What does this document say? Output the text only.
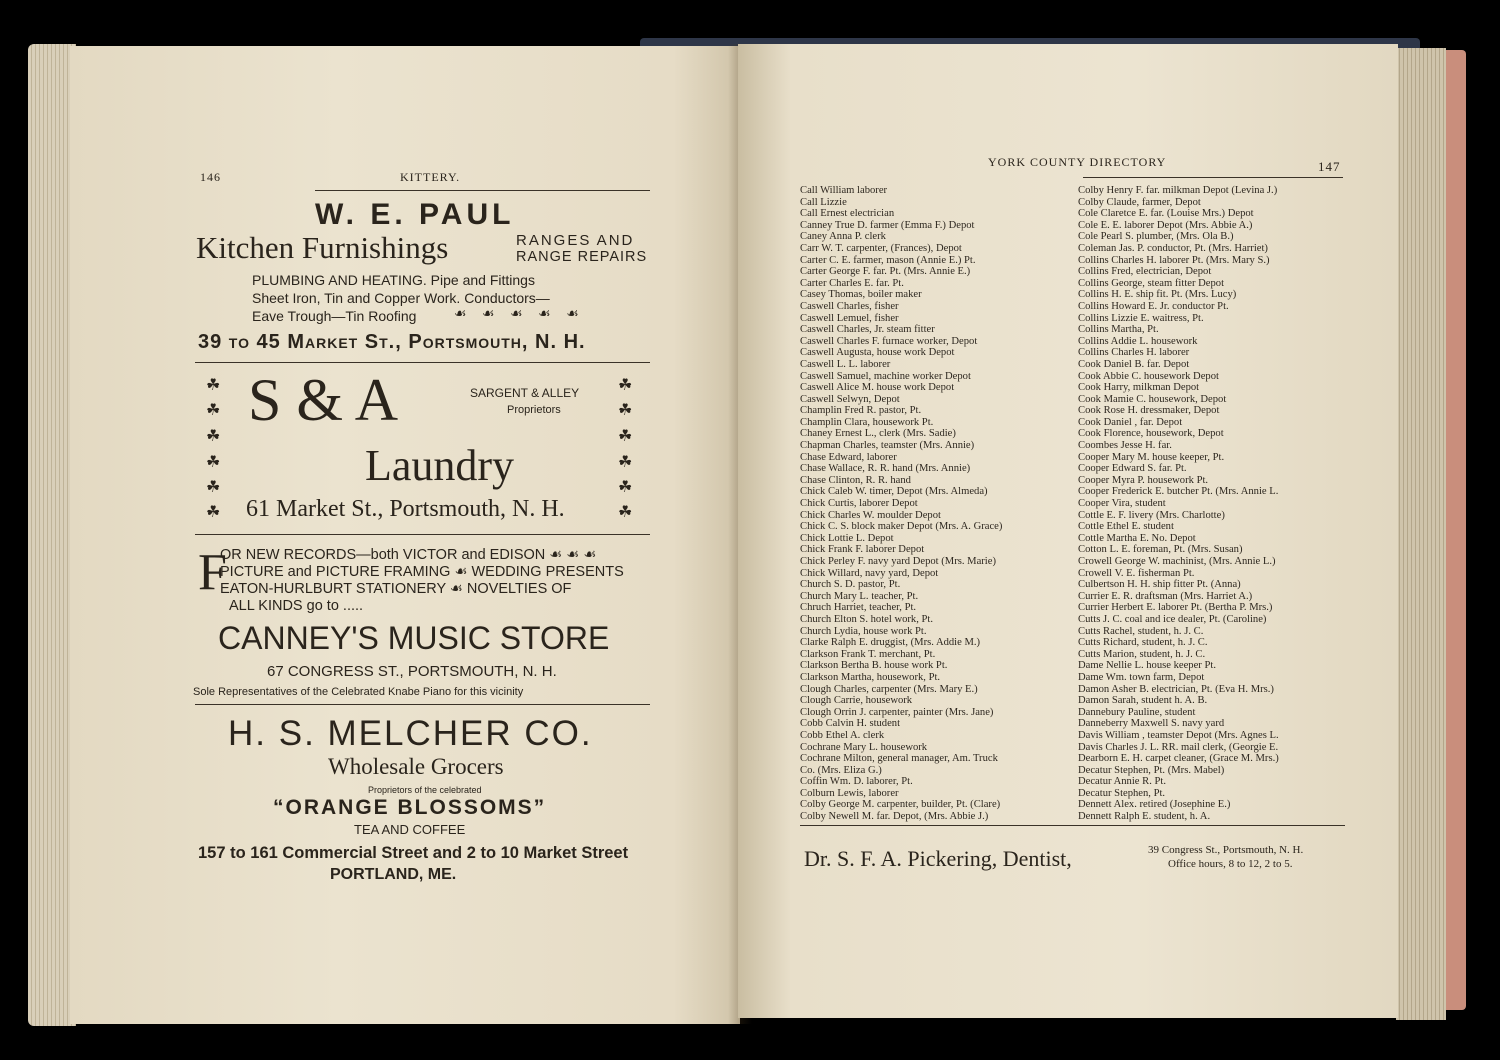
146	KITTERY.
W. E. PAUL
Kitchen Furnishings	RANGES AND
RANGE REPAIRS
PLUMBING AND HEATING. Pipe and Fittings
Sheet Iron, Tin and Copper Work. Conductors—
Eave Trough—Tin Roofing	☙ ☙ ☙ ☙ ☙
39 to 45 Market St., Portsmouth, N. H.
☘
☘
☘
☘
☘
☘
☘
☘
☘
☘
☘
☘
S & A	SARGENT & ALLEY
Proprietors
Laundry
61 Market St., Portsmouth, N. H.
F
OR NEW RECORDS—both VICTOR and EDISON ☙ ☙ ☙
PICTURE and PICTURE FRAMING ☙ WEDDING PRESENTS
EATON-HURLBURT STATIONERY ☙ NOVELTIES OF
ALL KINDS go to .....
CANNEY'S MUSIC STORE
67 CONGRESS ST., PORTSMOUTH, N. H.
Sole Representatives of the Celebrated Knabe Piano for this vicinity
H. S. MELCHER CO.
Wholesale Grocers
Proprietors of the celebrated
“ORANGE BLOSSOMS”
TEA AND COFFEE
157 to 161 Commercial Street and 2 to 10 Market Street
PORTLAND, ME.
YORK COUNTY DIRECTORY	147
Call William laborer
Call Lizzie
Call Ernest electrician
Canney True D. farmer (Emma F.) Depot
Caney Anna P. clerk
Carr W. T. carpenter, (Frances), Depot
Carter C. E. farmer, mason (Annie E.) Pt.
Carter George F. far. Pt. (Mrs. Annie E.)
Carter Charles E. far. Pt.
Casey Thomas, boiler maker
Caswell Charles, fisher
Caswell Lemuel, fisher
Caswell Charles, Jr. steam fitter
Caswell Charles F. furnace worker, Depot
Caswell Augusta, house work Depot
Caswell L. L. laborer
Caswell Samuel, machine worker Depot
Caswell Alice M. house work Depot
Caswell Selwyn, Depot
Champlin Fred R. pastor, Pt.
Champlin Clara, housework Pt.
Chaney Ernest L., clerk (Mrs. Sadie)
Chapman Charles, teamster (Mrs. Annie)
Chase Edward, laborer
Chase Wallace, R. R. hand (Mrs. Annie)
Chase Clinton, R. R. hand
Chick Caleb W. timer, Depot (Mrs. Almeda)
Chick Curtis, laborer Depot
Chick Charles W. moulder Depot
Chick C. S. block maker Depot (Mrs. A. Grace)
Chick Lottie L. Depot
Chick Frank F. laborer Depot
Chick Perley F. navy yard Depot (Mrs. Marie)
Chick Willard, navy yard, Depot
Church S. D. pastor, Pt.
Church Mary L. teacher, Pt.
Chruch Harriet, teacher, Pt.
Church Elton S. hotel work, Pt.
Church Lydia, house work Pt.
Clarke Ralph E. druggist, (Mrs. Addie M.)
Clarkson Frank T. merchant, Pt.
Clarkson Bertha B. house work Pt.
Clarkson Martha, housework, Pt.
Clough Charles, carpenter (Mrs. Mary E.)
Clough Carrie, housework
Clough Orrin J. carpenter, painter (Mrs. Jane)
Cobb Calvin H. student
Cobb Ethel A. clerk
Cochrane Mary L. housework
Cochrane Milton, general manager, Am. Truck
Co. (Mrs. Eliza G.)
Coffin Wm. D. laborer, Pt.
Colburn Lewis, laborer
Colby George M. carpenter, builder, Pt. (Clare)
Colby Newell M. far. Depot, (Mrs. Abbie J.)
Colby Henry F. far. milkman Depot (Levina J.)
Colby Claude, farmer, Depot
Cole Claretce E. far. (Louise Mrs.) Depot
Cole E. E. laborer Depot (Mrs. Abbie A.)
Cole Pearl S. plumber, (Mrs. Ola B.)
Coleman Jas. P. conductor, Pt. (Mrs. Harriet)
Collins Charles H. laborer Pt. (Mrs. Mary S.)
Collins Fred, electrician, Depot
Collins George, steam fitter Depot
Collins H. E. ship fit. Pt. (Mrs. Lucy)
Collins Howard E. Jr. conductor Pt.
Collins Lizzie E. waitress, Pt.
Collins Martha, Pt.
Collins Addie L. housework
Collins Charles H. laborer
Cook Daniel B. far. Depot
Cook Abbie C. housework Depot
Cook Harry, milkman Depot
Cook Mamie C. housework, Depot
Cook Rose H. dressmaker, Depot
Cook Daniel , far. Depot
Cook Florence, housework, Depot
Coombes Jesse H. far.
Cooper Mary M. house keeper, Pt.
Cooper Edward S. far. Pt.
Cooper Myra P. housework Pt.
Cooper Frederick E. butcher Pt. (Mrs. Annie L.
Cooper Vira, student
Cottle E. F. livery (Mrs. Charlotte)
Cottle Ethel E. student
Cottle Martha E. No. Depot
Cotton L. E. foreman, Pt. (Mrs. Susan)
Crowell George W. machinist, (Mrs. Annie L.)
Crowell V. E. fisherman Pt.
Culbertson H. H. ship fitter Pt. (Anna)
Currier E. R. draftsman (Mrs. Harriet A.)
Currier Herbert E. laborer Pt. (Bertha P. Mrs.)
Cutts J. C. coal and ice dealer, Pt. (Caroline)
Cutts Rachel, student, h. J. C.
Cutts Richard, student, h. J. C.
Cutts Marion, student, h. J. C.
Dame Nellie L. house keeper Pt.
Dame Wm. town farm, Depot
Damon Asher B. electrician, Pt. (Eva H. Mrs.)
Damon Sarah, student h. A. B.
Dannebury Pauline, student
Danneberry Maxwell S. navy yard
Davis William , teamster Depot (Mrs. Agnes L.
Davis Charles J. L. RR. mail clerk, (Georgie E.
Dearborn E. H. carpet cleaner, (Grace M. Mrs.)
Decatur Stephen, Pt. (Mrs. Mabel)
Decatur Annie R. Pt.
Decatur Stephen, Pt.
Dennett Alex. retired (Josephine E.)
Dennett Ralph E. student, h. A.
Dr. S. F. A. Pickering, Dentist,	39 Congress St., Portsmouth, N. H.
Office hours, 8 to 12, 2 to 5.
